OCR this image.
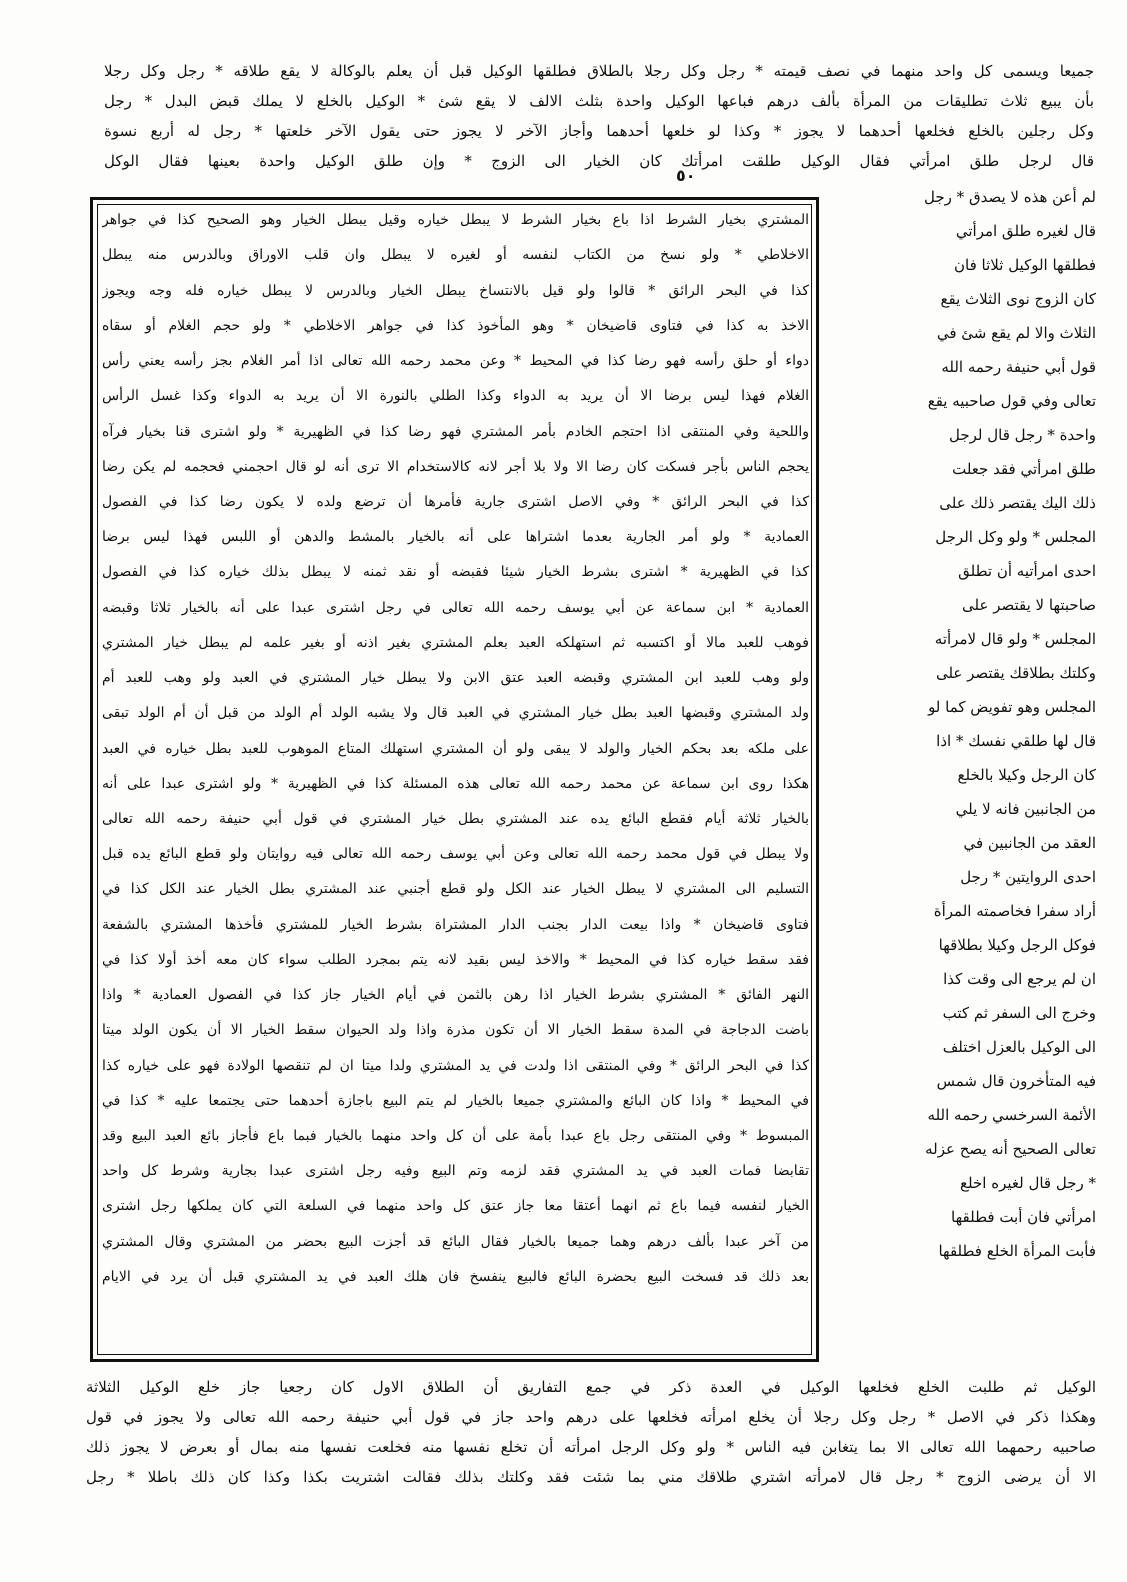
جميعا ويسمى كل واحد منهما في نصف قيمته * رجل وكل رجلا بالطلاق فطلقها الوكيل قبل أن يعلم بالوكالة لا يقع طلاقه * رجل وكل رجلا
بأن يبيع ثلاث تطليقات من المرأة بألف درهم فباعها الوكيل واحدة بثلث الالف لا يقع شئ * الوكيل بالخلع لا يملك قبض البدل * رجل
وكل رجلين بالخلع فخلعها أحدهما لا يجوز * وكذا لو خلعها أحدهما وأجاز الآخر لا يجوز حتى يقول الآخر خلعتها * رجل له أربع نسوة
قال لرجل طلق امرأتي فقال الوكيل طلقت امرأتك كان الخيار الى الزوج * وإن طلق الوكيل واحدة بعينها فقال الوكل
٥٠
المشتري بخيار الشرط اذا باع بخيار الشرط لا يبطل خياره وقيل يبطل الخيار وهو الصحيح كذا في جواهر
الاخلاطي * ولو نسخ من الكتاب لنفسه أو لغيره لا يبطل وان قلب الاوراق وبالدرس منه يبطل
كذا في البحر الرائق * قالوا ولو قيل بالانتساخ يبطل الخيار وبالدرس لا يبطل خياره فله وجه ويجوز
الاخذ به كذا في فتاوى قاضيخان * وهو المأخوذ كذا في جواهر الاخلاطي * ولو حجم الغلام أو سقاه
دواء أو حلق رأسه فهو رضا كذا في المحيط * وعن محمد رحمه الله تعالى اذا أمر الغلام بجز رأسه يعني رأس
الغلام فهذا ليس برضا الا أن يريد به الدواء وكذا الطلي بالنورة الا أن يريد به الدواء وكذا غسل الرأس
واللحية وفي المنتقى اذا احتجم الخادم بأمر المشتري فهو رضا كذا في الظهيرية * ولو اشترى قنا بخيار فرآه
يحجم الناس بأجر فسكت كان رضا الا ولا بلا أجر لانه كالاستخدام الا ترى أنه لو قال احجمني فحجمه لم يكن رضا
كذا في البحر الرائق * وفي الاصل اشترى جارية فأمرها أن ترضع ولده لا يكون رضا كذا في الفصول
العمادية * ولو أمر الجارية بعدما اشتراها على أنه بالخيار بالمشط والدهن أو اللبس فهذا ليس برضا
كذا في الظهيرية * اشترى بشرط الخيار شيئا فقبضه أو نقد ثمنه لا يبطل بذلك خياره كذا في الفصول
العمادية * ابن سماعة عن أبي يوسف رحمه الله تعالى في رجل اشترى عبدا على أنه بالخيار ثلاثا وقبضه
فوهب للعبد مالا أو اكتسبه ثم استهلكه العبد بعلم المشتري بغير اذنه أو بغير علمه لم يبطل خيار المشتري
ولو وهب للعبد ابن المشتري وقبضه العبد عتق الابن ولا يبطل خيار المشتري في العبد ولو وهب للعبد أم
ولد المشتري وقبضها العبد بطل خيار المشتري في العبد قال ولا يشبه الولد أم الولد من قبل أن أم الولد تبقى
على ملكه بعد بحكم الخيار والولد لا يبقى ولو أن المشتري استهلك المتاع الموهوب للعبد بطل خياره في العبد
هكذا روى ابن سماعة عن محمد رحمه الله تعالى هذه المسئلة كذا في الظهيرية * ولو اشترى عبدا على أنه
بالخيار ثلاثة أيام فقطع البائع يده عند المشتري بطل خيار المشتري في قول أبي حنيفة رحمه الله تعالى
ولا يبطل في قول محمد رحمه الله تعالى وعن أبي يوسف رحمه الله تعالى فيه روايتان ولو قطع البائع يده قبل
التسليم الى المشتري لا يبطل الخيار عند الكل ولو قطع أجنبي عند المشتري بطل الخيار عند الكل كذا في
فتاوى قاضيخان * واذا بيعت الدار بجنب الدار المشتراة بشرط الخيار للمشتري فأخذها المشتري بالشفعة
فقد سقط خياره كذا في المحيط * والاخذ ليس بقيد لانه يتم بمجرد الطلب سواء كان معه أخذ أولا كذا في
النهر الفائق * المشتري بشرط الخيار اذا رهن بالثمن في أيام الخيار جاز كذا في الفصول العمادية * واذا
باضت الدجاجة في المدة سقط الخيار الا أن تكون مذرة واذا ولد الحيوان سقط الخيار الا أن يكون الولد ميتا
كذا في البحر الرائق * وفي المنتقى اذا ولدت في يد المشتري ولدا ميتا ان لم تنقصها الولادة فهو على خياره كذا
في المحيط * واذا كان البائع والمشتري جميعا بالخيار لم يتم البيع باجازة أحدهما حتى يجتمعا عليه * كذا في
المبسوط * وفي المنتقى رجل باع عبدا بأمة على أن كل واحد منهما بالخيار فبما باع فأجاز بائع العبد البيع وقد
تقابضا فمات العبد في يد المشتري فقد لزمه وتم البيع وفيه رجل اشترى عبدا بجارية وشرط كل واحد
الخيار لنفسه فيما باع ثم انهما أعتقا معا جاز عتق كل واحد منهما في السلعة التي كان يملكها رجل اشترى
من آخر عبدا بألف درهم وهما جميعا بالخيار فقال البائع قد أجزت البيع بحضر من المشتري وقال المشتري
بعد ذلك قد فسخت البيع بحضرة البائع فالبيع ينفسخ فان هلك العبد في يد المشتري قبل أن يرد في الايام
لم أعن هذه لا يصدق * رجل
قال لغيره طلق امرأتي
فطلقها الوكيل ثلاثا فان
كان الزوج نوى الثلاث يقع
الثلاث والا لم يقع شئ في
قول أبي حنيفة رحمه الله
تعالى وفي قول صاحبيه يقع
واحدة * رجل قال لرجل
طلق امرأتي فقد جعلت
ذلك اليك يقتصر ذلك على
المجلس * ولو وكل الرجل
احدى امرأتيه أن تطلق
صاحبتها لا يقتصر على
المجلس * ولو قال لامرأته
وكلتك بطلاقك يقتصر على
المجلس وهو تفويض كما لو
قال لها طلقي نفسك * اذا
كان الرجل وكيلا بالخلع
من الجانبين فانه لا يلي
العقد من الجانبين في
احدى الروايتين * رجل
أراد سفرا فخاصمته المرأة
فوكل الرجل وكيلا بطلاقها
ان لم يرجع الى وقت كذا
وخرج الى السفر ثم كتب
الى الوكيل بالعزل اختلف
فيه المتأخرون قال شمس
الأئمة السرخسي رحمه الله
تعالى الصحيح أنه يصح عزله
* رجل قال لغيره اخلع
امرأتي فان أبت فطلقها
فأبت المرأة الخلع فطلقها
الوكيل ثم طلبت الخلع فخلعها الوكيل في العدة ذكر في جمع التفاريق أن الطلاق الاول كان رجعيا جاز خلع الوكيل الثلاثة
وهكذا ذكر في الاصل * رجل وكل رجلا أن يخلع امرأته فخلعها على درهم واحد جاز في قول أبي حنيفة رحمه الله تعالى ولا يجوز في قول
صاحبيه رحمهما الله تعالى الا بما يتغابن فيه الناس * ولو وكل الرجل امرأته أن تخلع نفسها منه فخلعت نفسها منه بمال أو بعرض لا يجوز ذلك
الا أن يرضى الزوج * رجل قال لامرأته اشتري طلاقك مني بما شئت فقد وكلتك بذلك فقالت اشتريت بكذا وكذا كان ذلك باطلا * رجل
